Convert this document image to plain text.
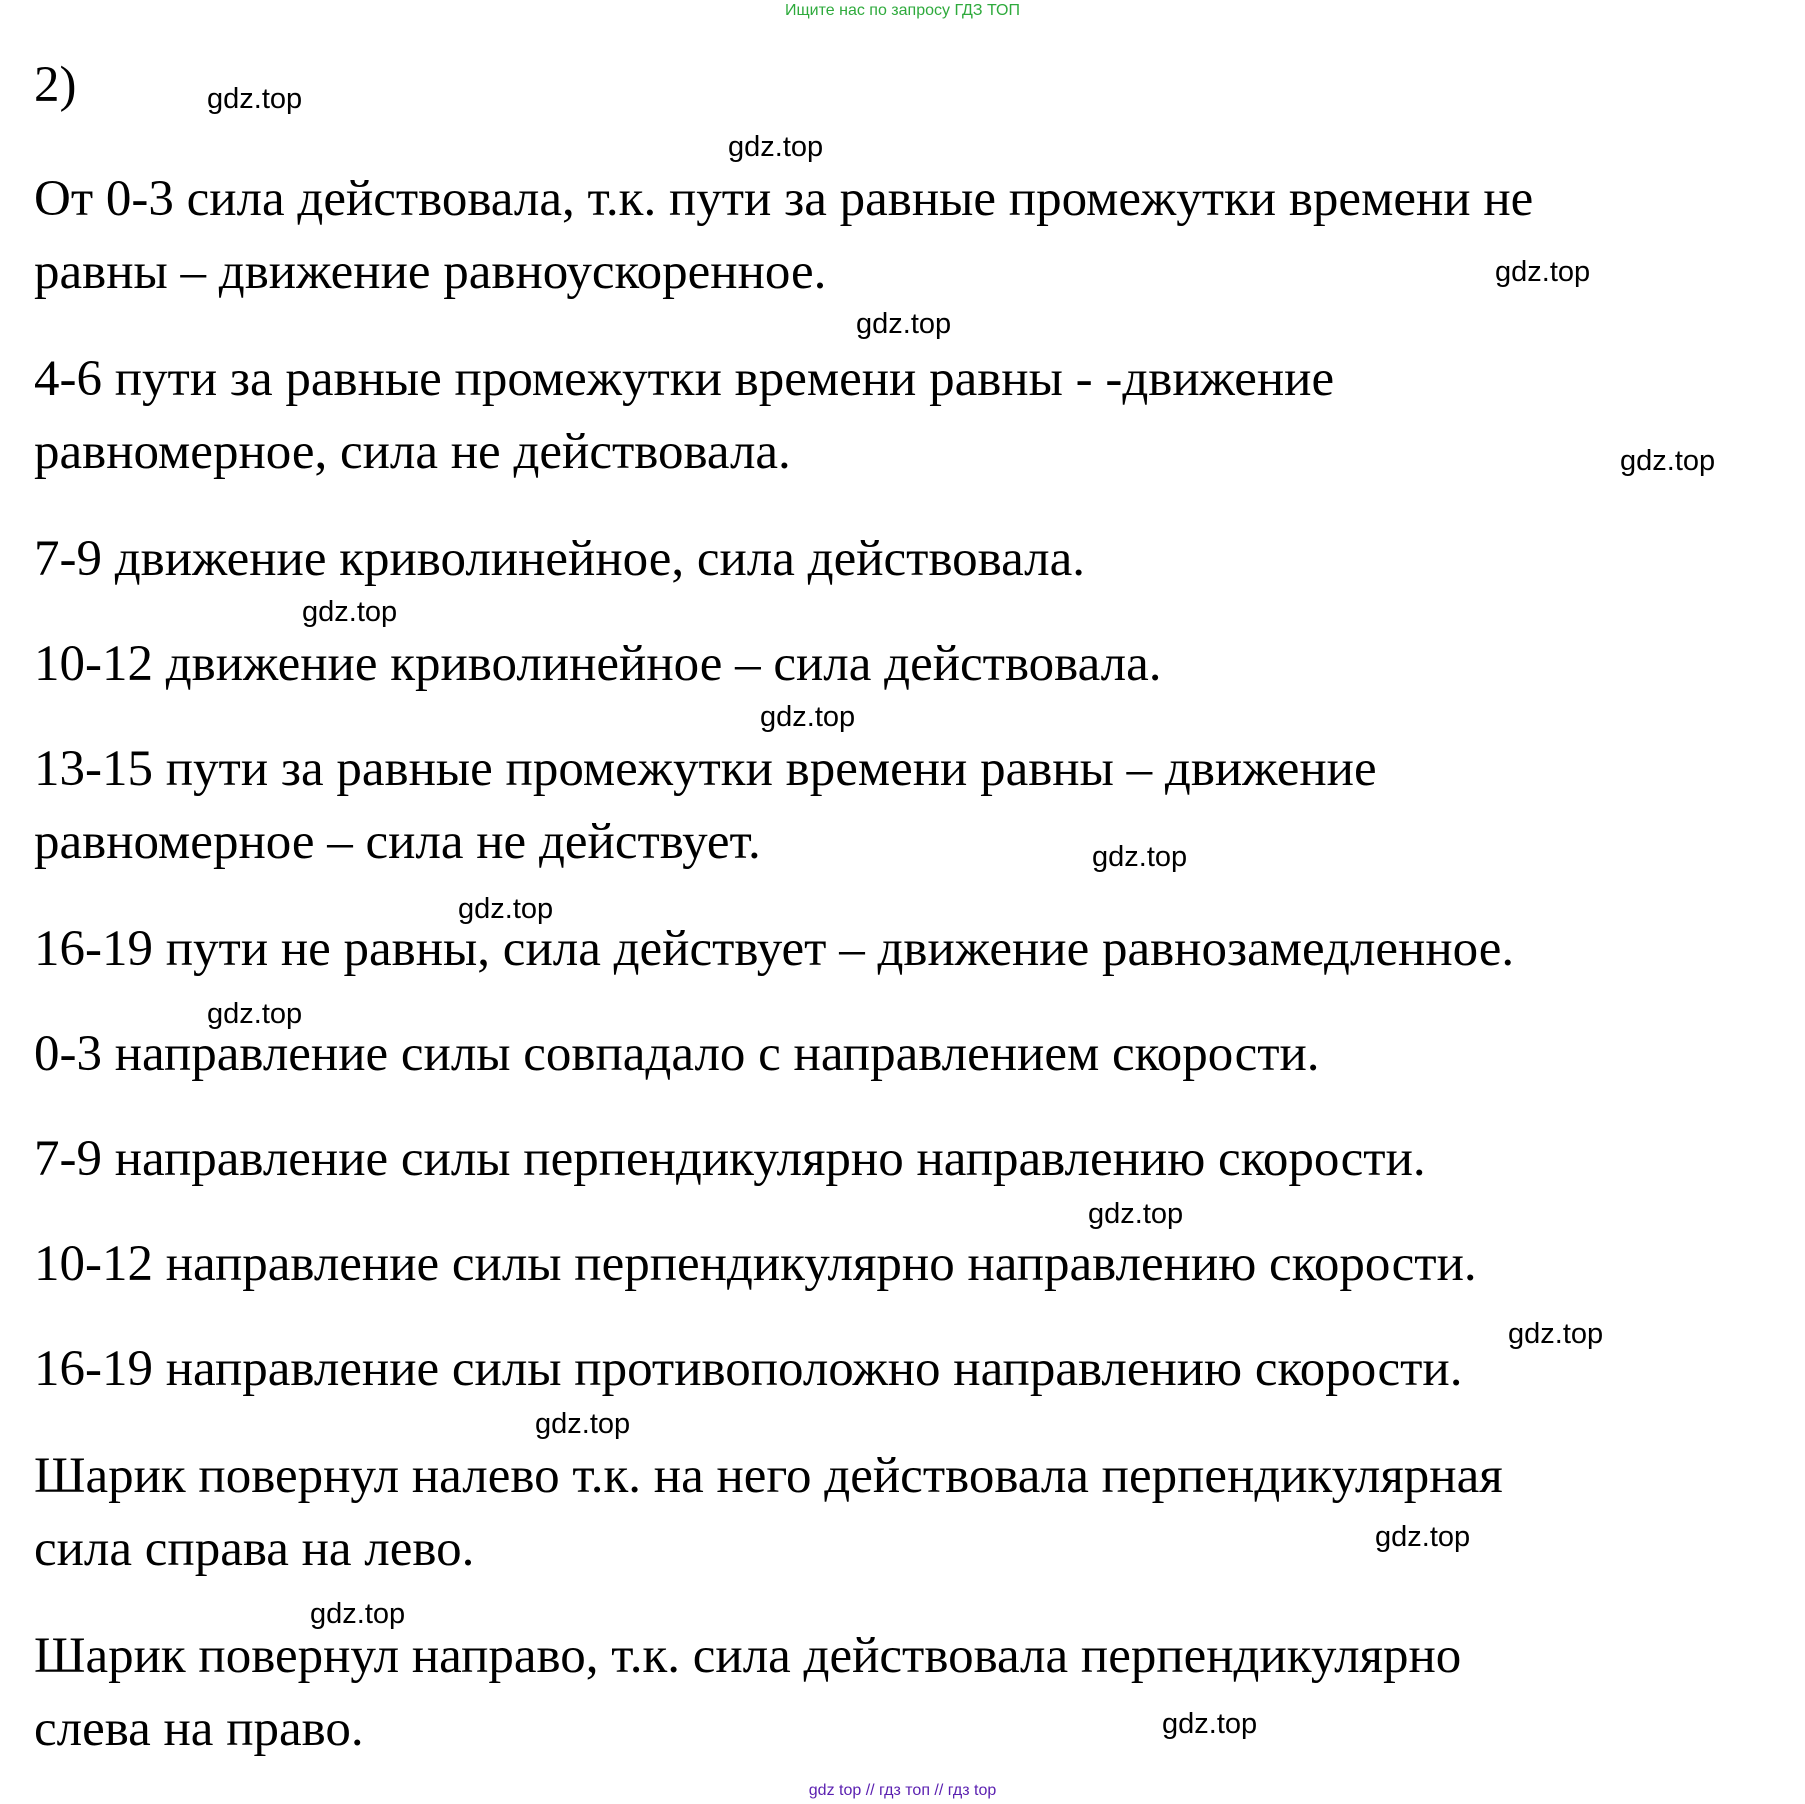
Ищите нас по запросу ГДЗ ТОП
2)

От 0-3 сила действовала, т.к. пути за равные промежутки времени не
равны – движение равноускоренное.

4-6 пути за равные промежутки времени равны - -движение
равномерное, сила не действовала.

7-9 движение криволинейное, сила действовала.

10-12 движение криволинейное – сила действовала.

13-15 пути за равные промежутки времени равны – движение
равномерное – сила не действует.

16-19 пути не равны, сила действует – движение равнозамедленное.

0-3 направление силы совпадало с направлением скорости.

7-9 направление силы перпендикулярно направлению скорости.

10-12 направление силы перпендикулярно направлению скорости.

16-19 направление силы противоположно направлению скорости.

Шарик повернул налево т.к. на него действовала перпендикулярная
сила справа на лево.

Шарик повернул направо, т.к. сила действовала перпендикулярно
слева на право.

gdz.top
gdz.top
gdz.top
gdz.top
gdz.top
gdz.top
gdz.top
gdz.top
gdz.top
gdz.top
gdz.top
gdz.top
gdz.top
gdz.top
gdz.top
gdz.top
gdz top // гдз топ // гдз top
